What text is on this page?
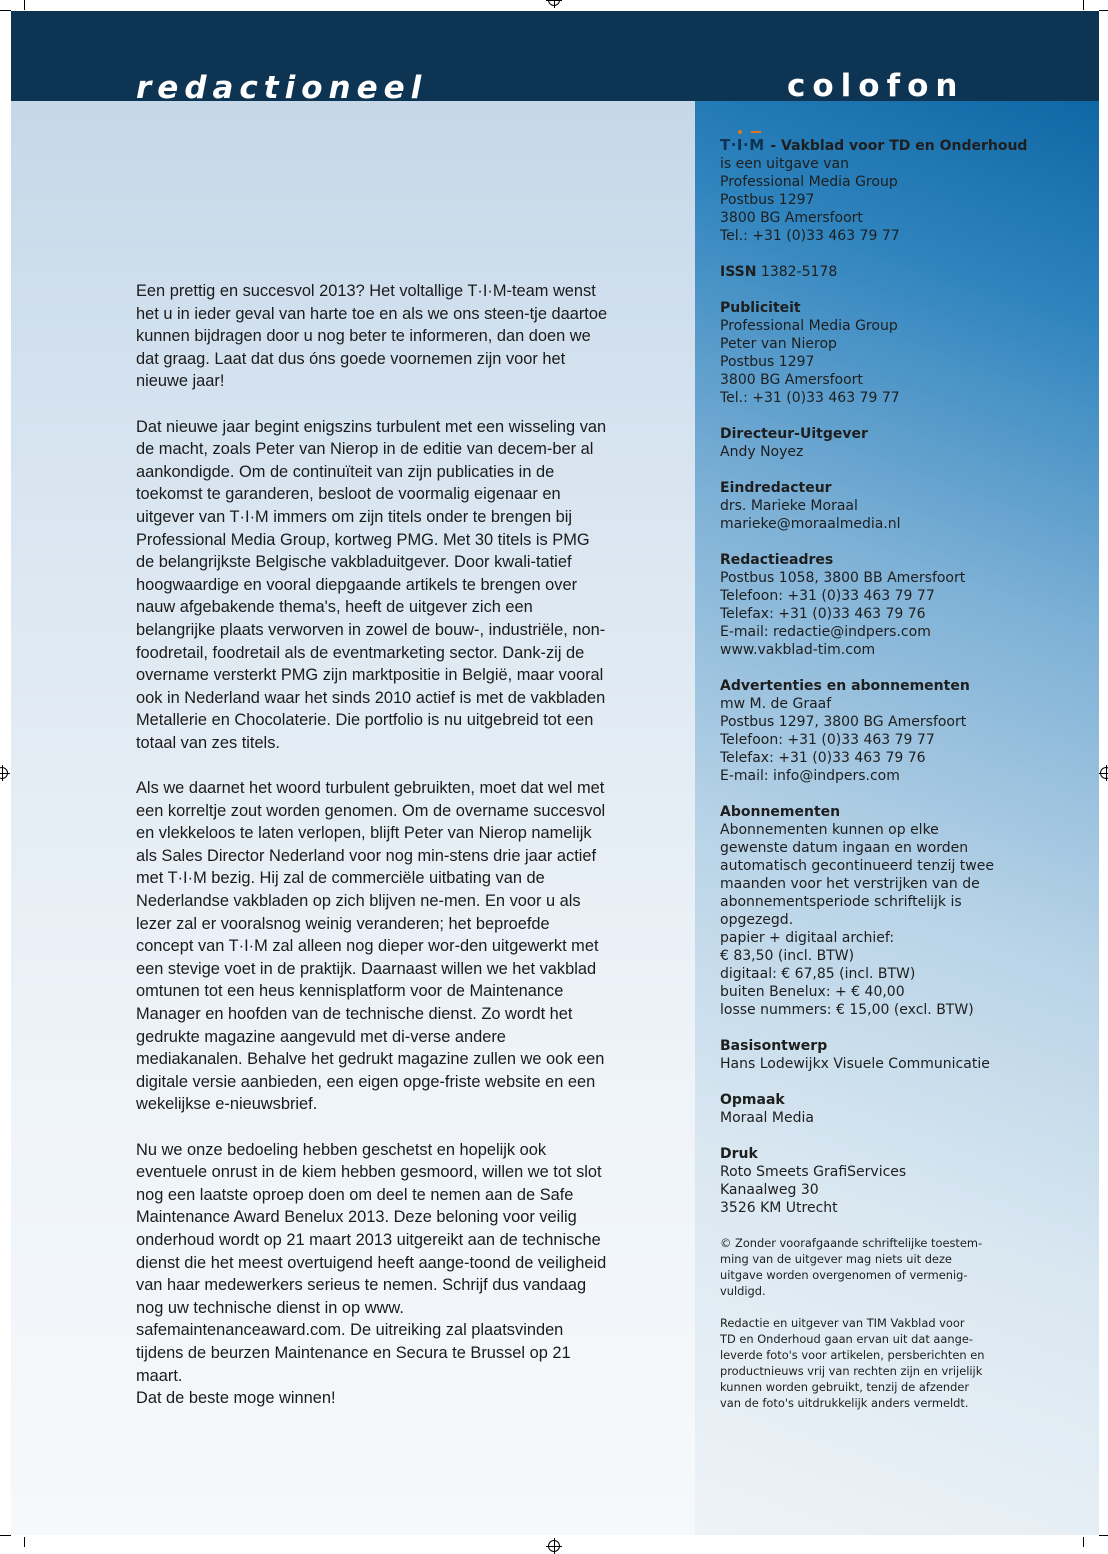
redactioneel	colofon

Een prettig en succesvol 2013? Het voltallige T·I·M-team wenst het u in ieder geval van harte toe en als we ons steen-tje daartoe kunnen bijdragen door u nog beter te informeren, dan doen we dat graag. Laat dat dus óns goede voornemen zijn voor het nieuwe jaar!

Dat nieuwe jaar begint enigszins turbulent met een wisseling van de macht, zoals Peter van Nierop in de editie van decem-ber al aankondigde. Om de continuïteit van zijn publicaties in de toekomst te garanderen, besloot de voormalig eigenaar en uitgever van T·I·M immers om zijn titels onder te brengen bij Professional Media Group, kortweg PMG. Met 30 titels is PMG de belangrijkste Belgische vakbladuitgever. Door kwali-tatief hoogwaardige en vooral diepgaande artikels te brengen over nauw afgebakende thema's, heeft de uitgever zich een belangrijke plaats verworven in zowel de bouw-, industriële, non-foodretail, foodretail als de eventmarketing sector. Dank-zij de overname versterkt PMG zijn marktpositie in België, maar vooral ook in Nederland waar het sinds 2010 actief is met de vakbladen Metallerie en Chocolaterie. Die portfolio is nu uitgebreid tot een totaal van zes titels.

Als we daarnet het woord turbulent gebruikten, moet dat wel met een korreltje zout worden genomen. Om de overname succesvol en vlekkeloos te laten verlopen, blijft Peter van Nierop namelijk als Sales Director Nederland voor nog min-stens drie jaar actief met T·I·M bezig. Hij zal de commerciële uitbating van de Nederlandse vakbladen op zich blijven ne-men. En voor u als lezer zal er vooralsnog weinig veranderen; het beproefde concept van T·I·M zal alleen nog dieper wor-den uitgewerkt met een stevige voet in de praktijk. Daarnaast willen we het vakblad omtunen tot een heus kennisplatform voor de Maintenance Manager en hoofden van de technische dienst. Zo wordt het gedrukte magazine aangevuld met di-verse andere mediakanalen. Behalve het gedrukt magazine zullen we ook een digitale versie aanbieden, een eigen opge-friste website en een wekelijkse e-nieuwsbrief.

Nu we onze bedoeling hebben geschetst en hopelijk ook eventuele onrust in de kiem hebben gesmoord, willen we tot slot nog een laatste oproep doen om deel te nemen aan de Safe Maintenance Award Benelux 2013. Deze beloning voor veilig onderhoud wordt op 21 maart 2013 uitgereikt aan de technische dienst die het meest overtuigend heeft aange-toond de veiligheid van haar medewerkers serieus te nemen. Schrijf dus vandaag nog uw technische dienst in op www. safemaintenanceaward.com. De uitreiking zal plaatsvinden tijdens de beurzen Maintenance en Secura te Brussel op 21 maart.

Dat de beste moge winnen!

T·I·M - Vakblad voor TD en Onderhoud
is een uitgave van
Professional Media Group
Postbus 1297
3800 BG Amersfoort
Tel.: +31 (0)33 463 79 77
ISSN 1382-5178
Publiciteit
Professional Media Group
Peter van Nierop
Postbus 1297
3800 BG Amersfoort
Tel.: +31 (0)33 463 79 77
Directeur-Uitgever
Andy Noyez
Eindredacteur
drs. Marieke Moraal
marieke@moraalmedia.nl
Redactieadres
Postbus 1058, 3800 BB Amersfoort
Telefoon: +31 (0)33 463 79 77
Telefax: +31 (0)33 463 79 76
E-mail: redactie@indpers.com
www.vakblad-tim.com
Advertenties en abonnementen
mw M. de Graaf
Postbus 1297, 3800 BG Amersfoort
Telefoon: +31 (0)33 463 79 77
Telefax: +31 (0)33 463 79 76
E-mail: info@indpers.com
Abonnementen
Abonnementen kunnen op elke
gewenste datum ingaan en worden
automatisch gecontinueerd tenzij twee
maanden voor het verstrijken van de
abonnementsperiode schriftelijk is
opgezegd.
papier + digitaal archief:
€ 83,50 (incl. BTW)
digitaal: € 67,85 (incl. BTW)
buiten Benelux: + € 40,00
losse nummers: € 15,00 (excl. BTW)
Basisontwerp
Hans Lodewijkx Visuele Communicatie
Opmaak
Moraal Media
Druk
Roto Smeets GrafiServices
Kanaalweg 30
3526 KM Utrecht
© Zonder voorafgaande schriftelijke toestem-
ming van de uitgever mag niets uit deze
uitgave worden overgenomen of vermenig-
vuldigd.
Redactie en uitgever van TIM Vakblad voor
TD en Onderhoud gaan ervan uit dat aange-
leverde foto's voor artikelen, persberichten en
productnieuws vrij van rechten zijn en vrijelijk
kunnen worden gebruikt, tenzij de afzender
van de foto's uitdrukkelijk anders vermeldt.
